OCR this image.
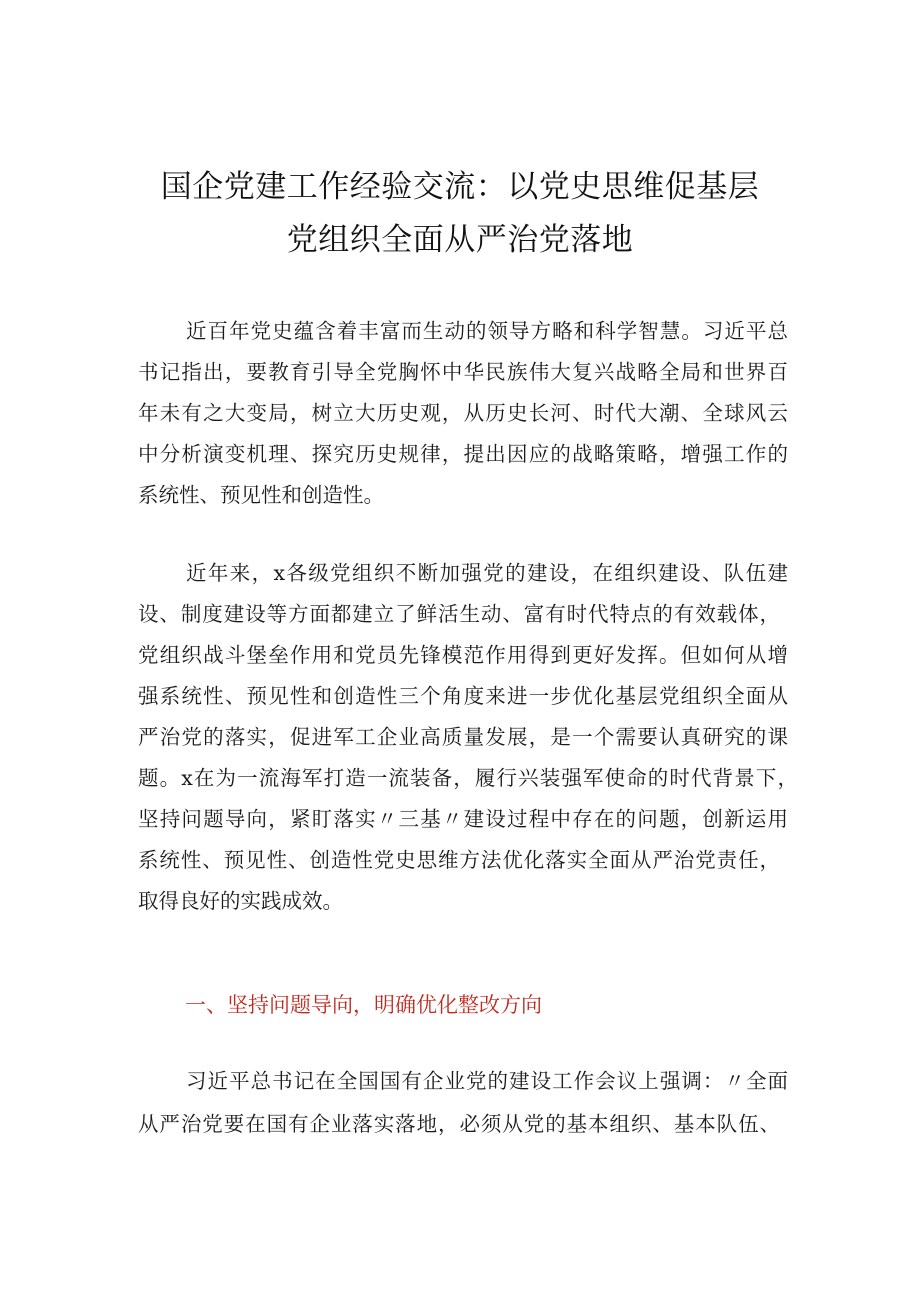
国企党建工作经验交流：以党史思维促基层
党组织全面从严治党落地
近百年党史蕴含着丰富而生动的领导方略和科学智慧。习近平总
书记指出，要教育引导全党胸怀中华民族伟大复兴战略全局和世界百
年未有之大变局，树立大历史观，从历史长河、时代大潮、全球风云
中分析演变机理、探究历史规律，提出因应的战略策略，增强工作的
系统性、预见性和创造性。
近年来，x各级党组织不断加强党的建设，在组织建设、队伍建
设、制度建设等方面都建立了鲜活生动、富有时代特点的有效载体，
党组织战斗堡垒作用和党员先锋模范作用得到更好发挥。但如何从增
强系统性、预见性和创造性三个角度来进一步优化基层党组织全面从
严治党的落实，促进军工企业高质量发展，是一个需要认真研究的课
题。x在为一流海军打造一流装备，履行兴装强军使命的时代背景下，
坚持问题导向，紧盯落实〃三基〃建设过程中存在的问题，创新运用
系统性、预见性、创造性党史思维方法优化落实全面从严治党责任，
取得良好的实践成效。
一、坚持问题导向，明确优化整改方向
习近平总书记在全国国有企业党的建设工作会议上强调：〃全面
从严治党要在国有企业落实落地，必须从党的基本组织、基本队伍、
